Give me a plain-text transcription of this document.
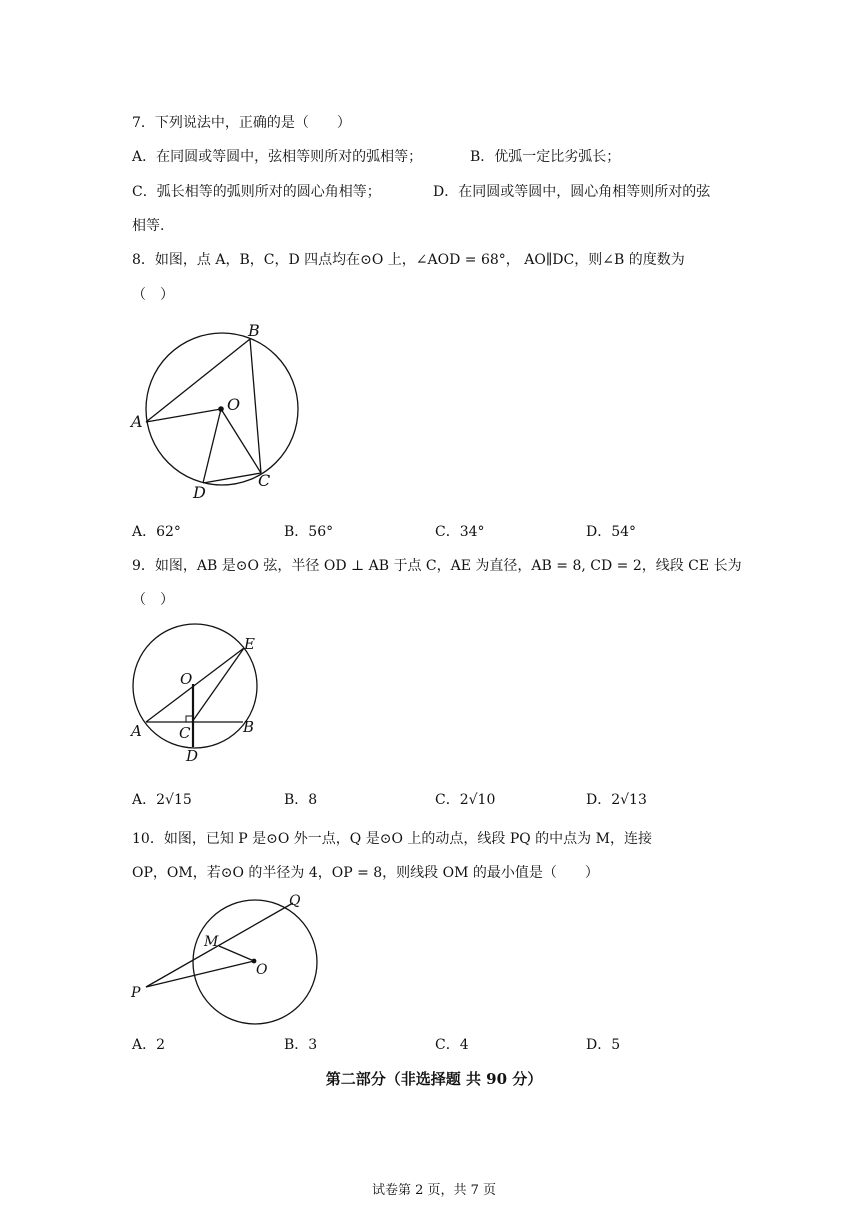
7．下列说法中，正确的是（　　）
A．在同圆或等圆中，弦相等则所对的弧相等；	B．优弧一定比劣弧长；
C．弧长相等的弧则所对的圆心角相等；	D．在同圆或等圆中，圆心角相等则所对的弦
相等.
8．如图，点 A，B，C，D 四点均在⊙O 上，∠AOD = 68°， AO∥DC，则∠B 的度数为
（　）
B
O
A
D
C
A．62°	B．56°	C．34°	D．54°
9．如图，AB 是⊙O 弦，半径 OD ⊥ AB 于点 C，AE 为直径，AB = 8, CD = 2，线段 CE 长为
（　）
E
O
A C	B
D
A．2√15	B．8	C．2√10	D．2√13
10．如图，已知 P 是⊙O 外一点，Q 是⊙O 上的动点，线段 PQ 的中点为 M，连接
OP，OM，若⊙O 的半径为 4，OP = 8，则线段 OM 的最小值是（　　）
Q
M
O
P
A．2	B．3	C．4	D．5
第二部分（非选择题 共 90 分）
试卷第 2 页，共 7 页
